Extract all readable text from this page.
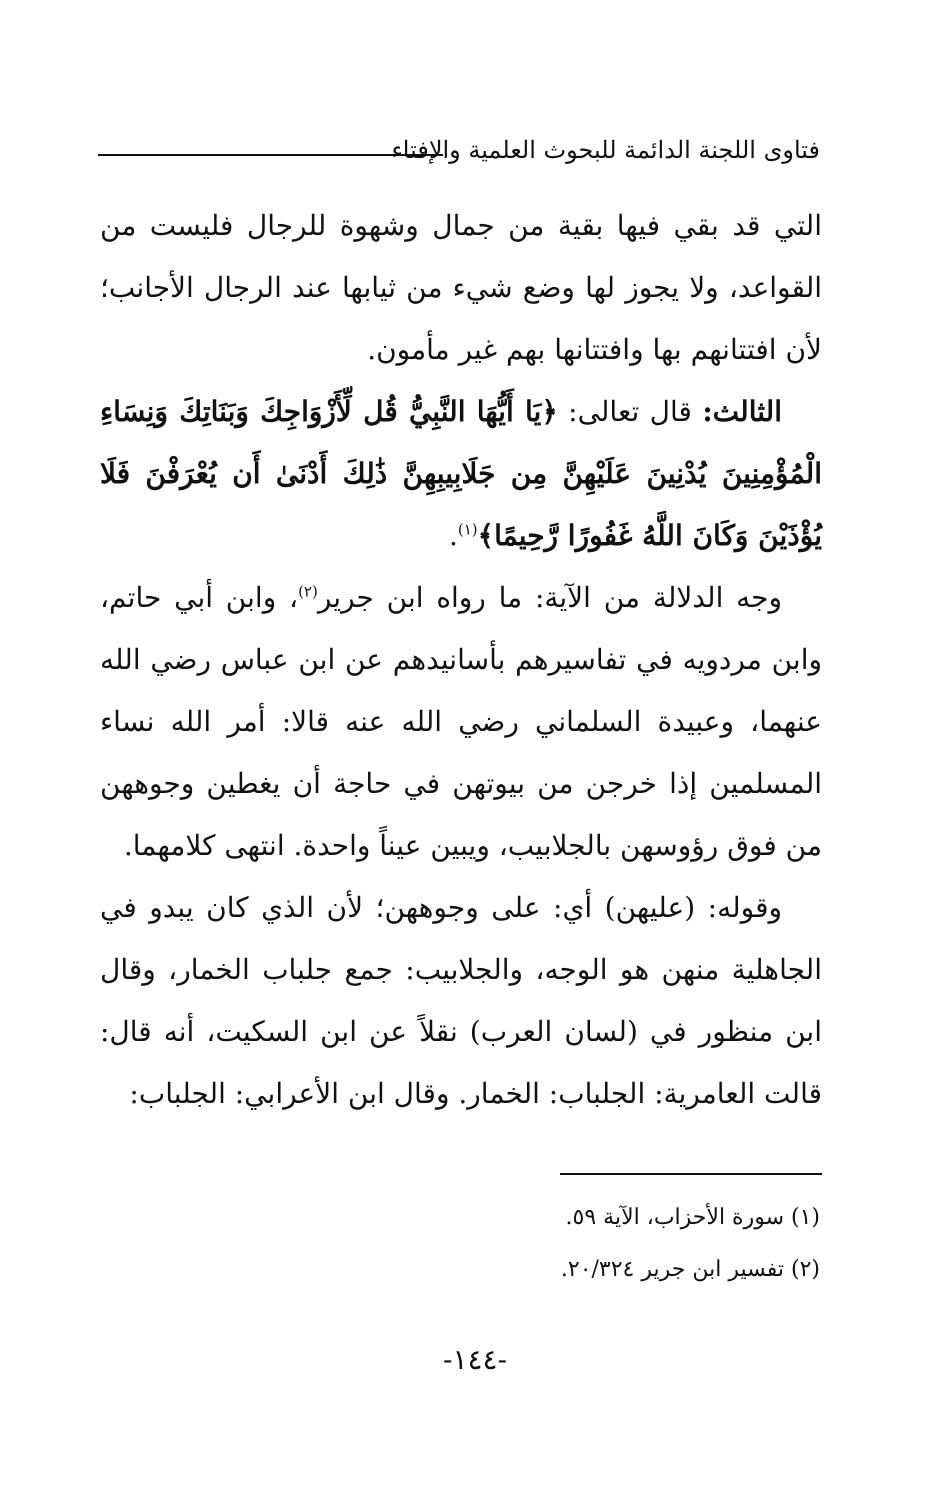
فتاوى اللجنة الدائمة للبحوث العلمية والإفتاء

التي قد بقي فيها بقية من جمال وشهوة للرجال فليست من القواعد، ولا يجوز لها وضع شيء من ثيابها عند الرجال الأجانب؛ لأن افتتانهم بها وافتتانها بهم غير مأمون.

الثالث: قال تعالى: ﴿يَا أَيُّهَا النَّبِيُّ قُل لِّأَزْوَاجِكَ وَبَنَاتِكَ وَنِسَاءِ الْمُؤْمِنِينَ يُدْنِينَ عَلَيْهِنَّ مِن جَلَابِيبِهِنَّ ذَٰلِكَ أَدْنَىٰ أَن يُعْرَفْنَ فَلَا يُؤْذَيْنَ وَكَانَ اللَّهُ غَفُورًا رَّحِيمًا﴾$^{(١)}$.

وجه الدلالة من الآية: ما رواه ابن جرير$^{(٢)}$، وابن أبي حاتم، وابن مردويه في تفاسيرهم بأسانيدهم عن ابن عباس رضي الله عنهما، وعبيدة السلماني رضي الله عنه قالا: أمر الله نساء المسلمين إذا خرجن من بيوتهن في حاجة أن يغطين وجوههن من فوق رؤوسهن بالجلابيب، ويبين عيناً واحدة. انتهى كلامهما.

وقوله: (عليهن) أي: على وجوههن؛ لأن الذي كان يبدو في الجاهلية منهن هو الوجه، والجلابيب: جمع جلباب الخمار، وقال ابن منظور في (لسان العرب) نقلاً عن ابن السكيت، أنه قال: قالت العامرية: الجلباب: الخمار. وقال ابن الأعرابي: الجلباب:

(١) سورة الأحزاب، الآية ٥٩.
(٢) تفسير ابن جرير ٢٠/٣٢٤.
-١٤٤-
